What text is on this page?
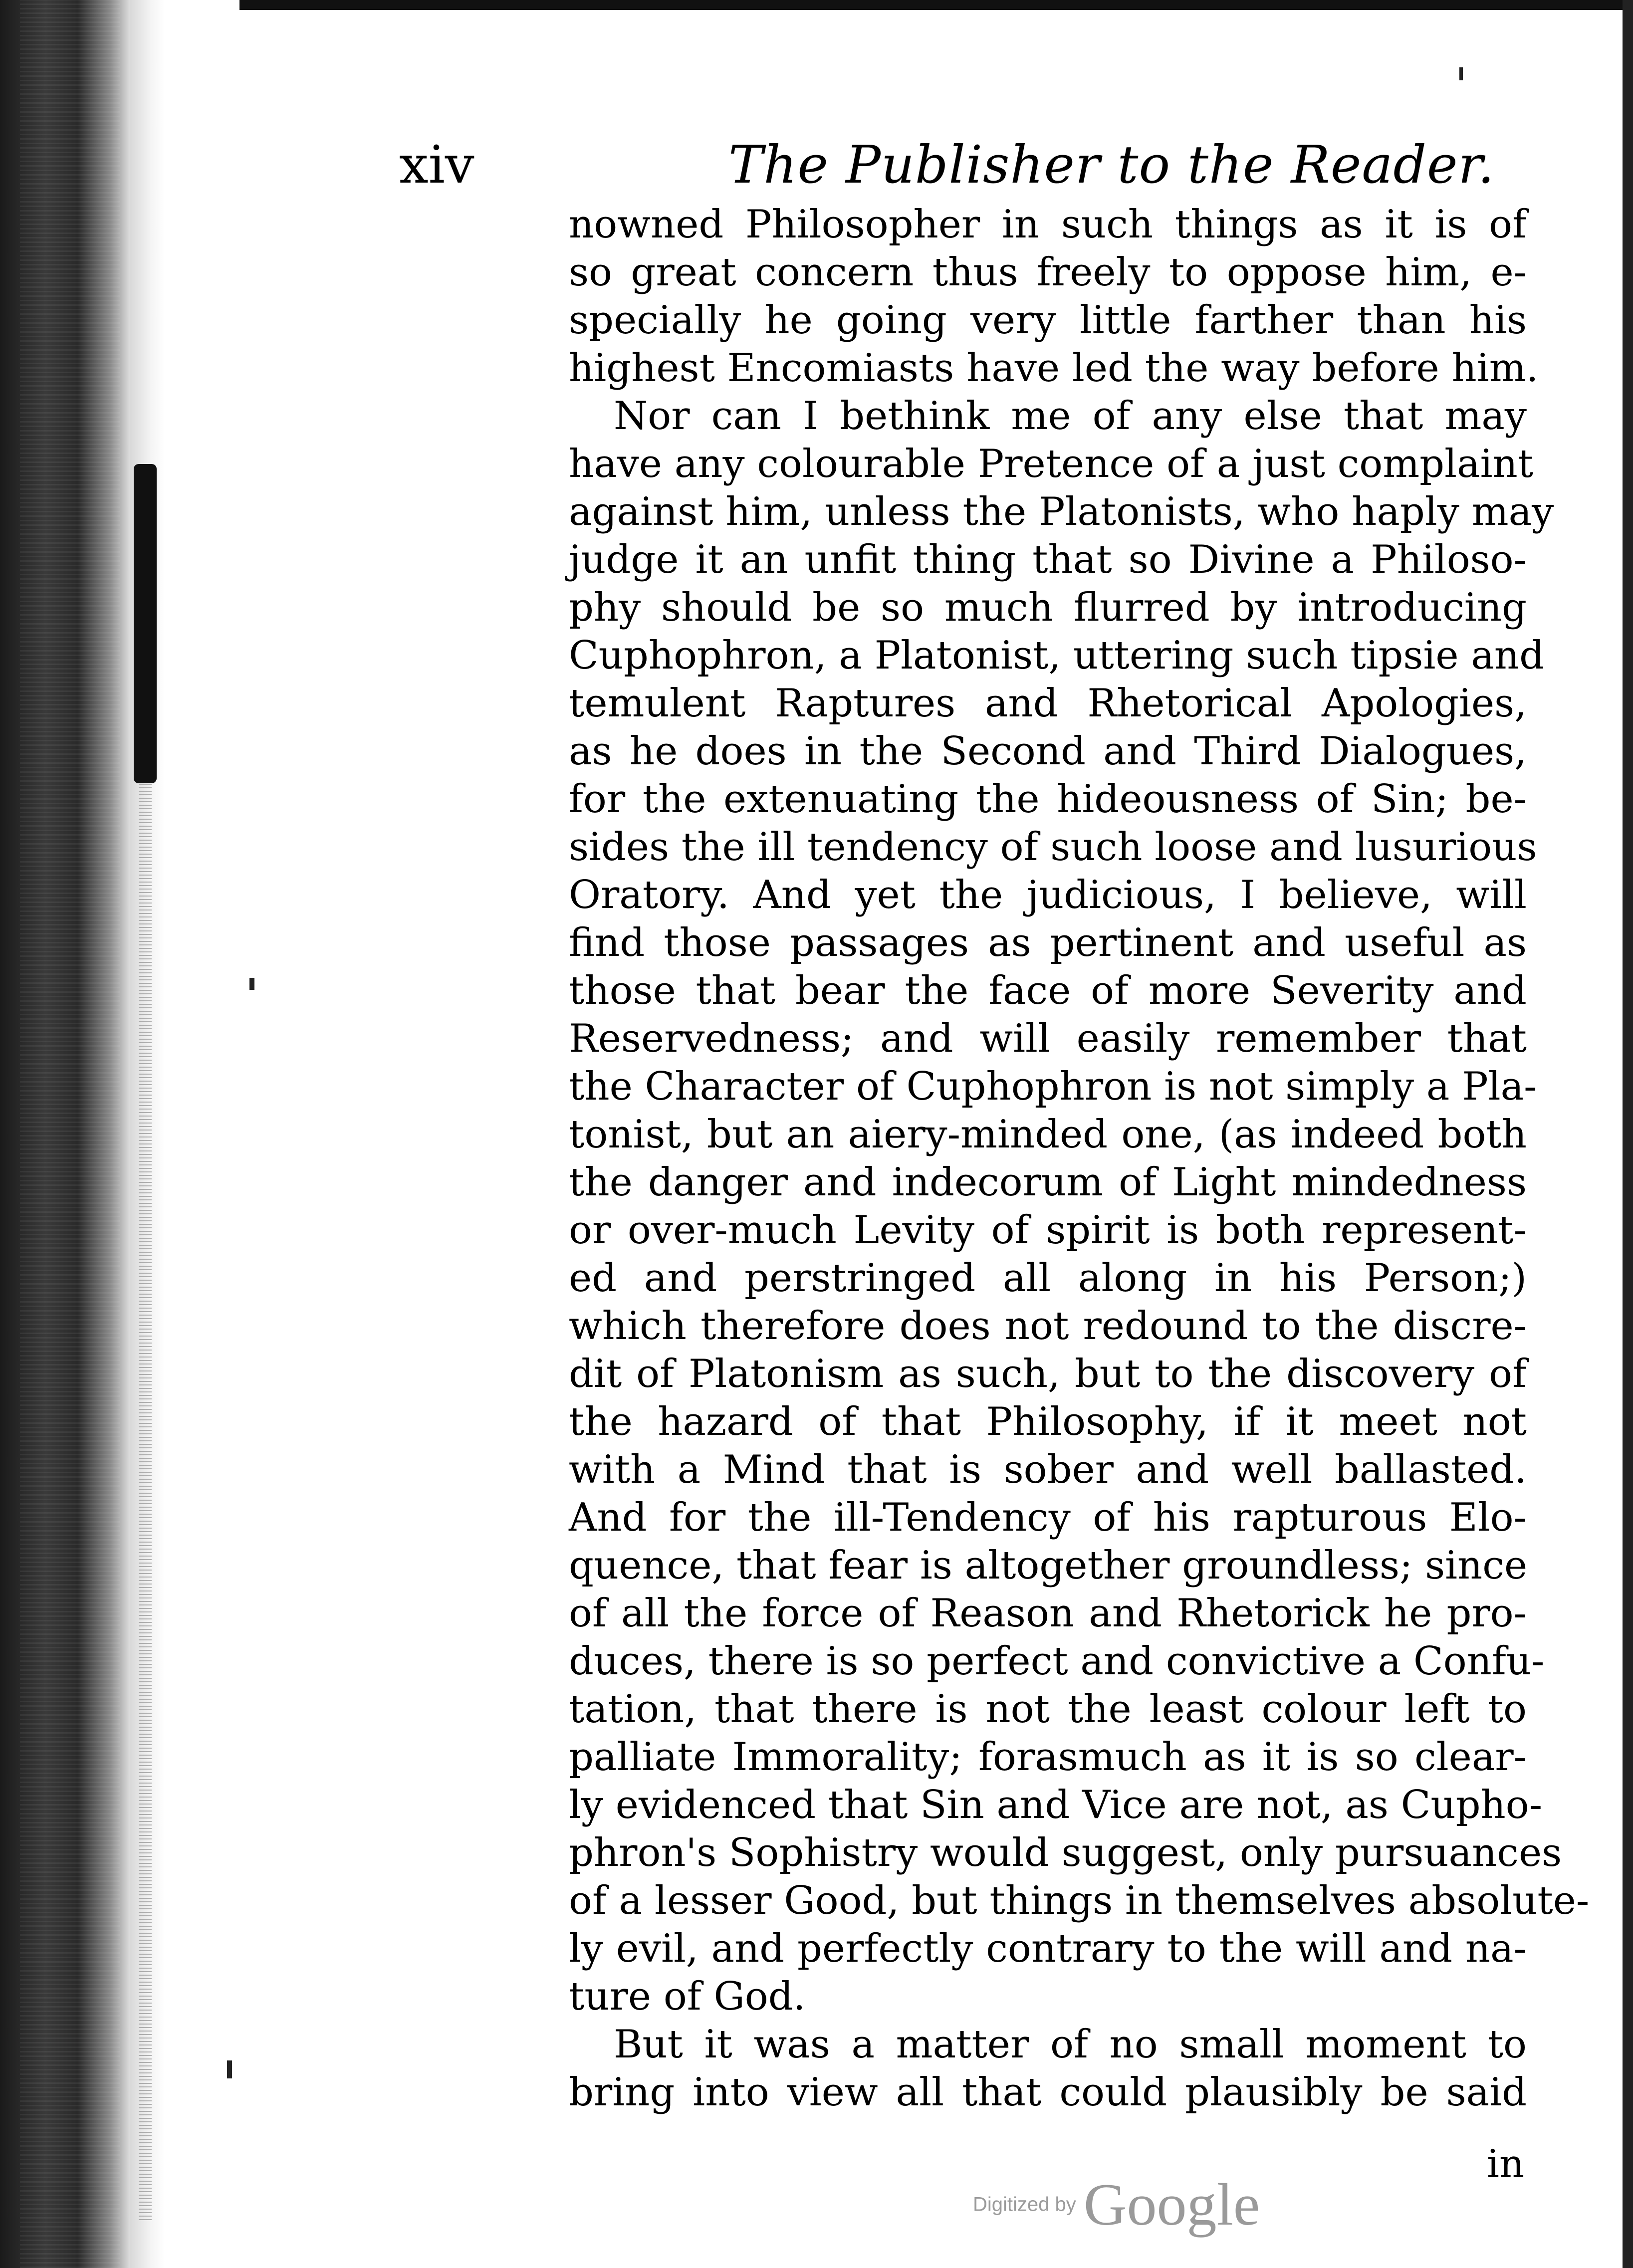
xiv	The Publisher to the Reader.
nowned Philosopher in such things as it is of
so great concern thus freely to oppose him, e-
specially he going very little farther than his
highest Encomiasts have led the way before him.
Nor can I bethink me of any else that may
have any colourable Pretence of a just complaint
against him, unless the Platonists, who haply may
judge it an unfit thing that so Divine a Philoso-
phy should be so much flurred by introducing
Cuphophron, a Platonist, uttering such tipsie and
temulent Raptures and Rhetorical Apologies,
as he does in the Second and Third Dialogues,
for the extenuating the hideousness of Sin; be-
sides the ill tendency of such loose and lusurious
Oratory. And yet the judicious, I believe, will
find those passages as pertinent and useful as
those that bear the face of more Severity and
Reservedness; and will easily remember that
the Character of Cuphophron is not simply a Pla-
tonist, but an aiery-minded one, (as indeed both
the danger and indecorum of Light mindedness
or over-much Levity of spirit is both represent-
ed and perstringed all along in his Person;)
which therefore does not redound to the discre-
dit of Platonism as such, but to the discovery of
the hazard of that Philosophy, if it meet not
with a Mind that is sober and well ballasted.
And for the ill-Tendency of his rapturous Elo-
quence, that fear is altogether groundless; since
of all the force of Reason and Rhetorick he pro-
duces, there is so perfect and convictive a Confu-
tation, that there is not the least colour left to
palliate Immorality; forasmuch as it is so clear-
ly evidenced that Sin and Vice are not, as Cupho-
phron's Sophistry would suggest, only pursuances
of a lesser Good, but things in themselves absolute-
ly evil, and perfectly contrary to the will and na-
ture of God.
But it was a matter of no small moment to
bring into view all that could plausibly be said
in
Digitized by Google
